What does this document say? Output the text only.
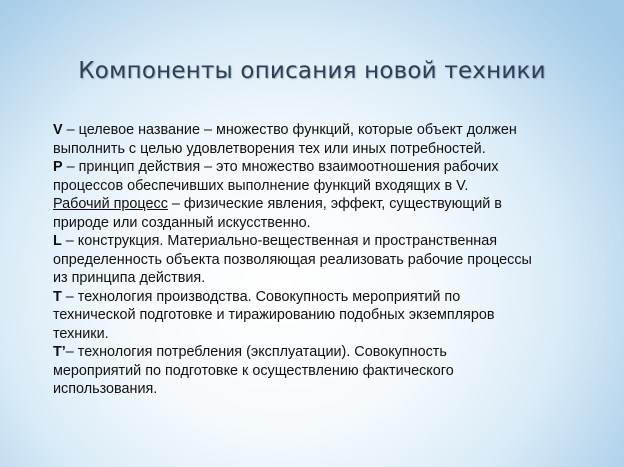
Компоненты описания новой техники
V – целевое название – множество функций, которые объект должен
выполнить с целью удовлетворения тех или иных потребностей.
P – принцип действия – это множество взаимоотношения рабочих
процессов обеспечивших выполнение функций входящих в V.
Рабочий процесс – физические явления, эффект, существующий в
природе или созданный искусственно.
L – конструкция. Материально-вещественная и пространственная
определенность объекта позволяющая реализовать рабочие процессы
из принципа действия.
T – технология производства. Совокупность мероприятий по
технической подготовке и тиражированию подобных экземпляров
техники.
T’– технология потребления (эксплуатации). Совокупность
мероприятий по подготовке к осуществлению фактического
использования.
